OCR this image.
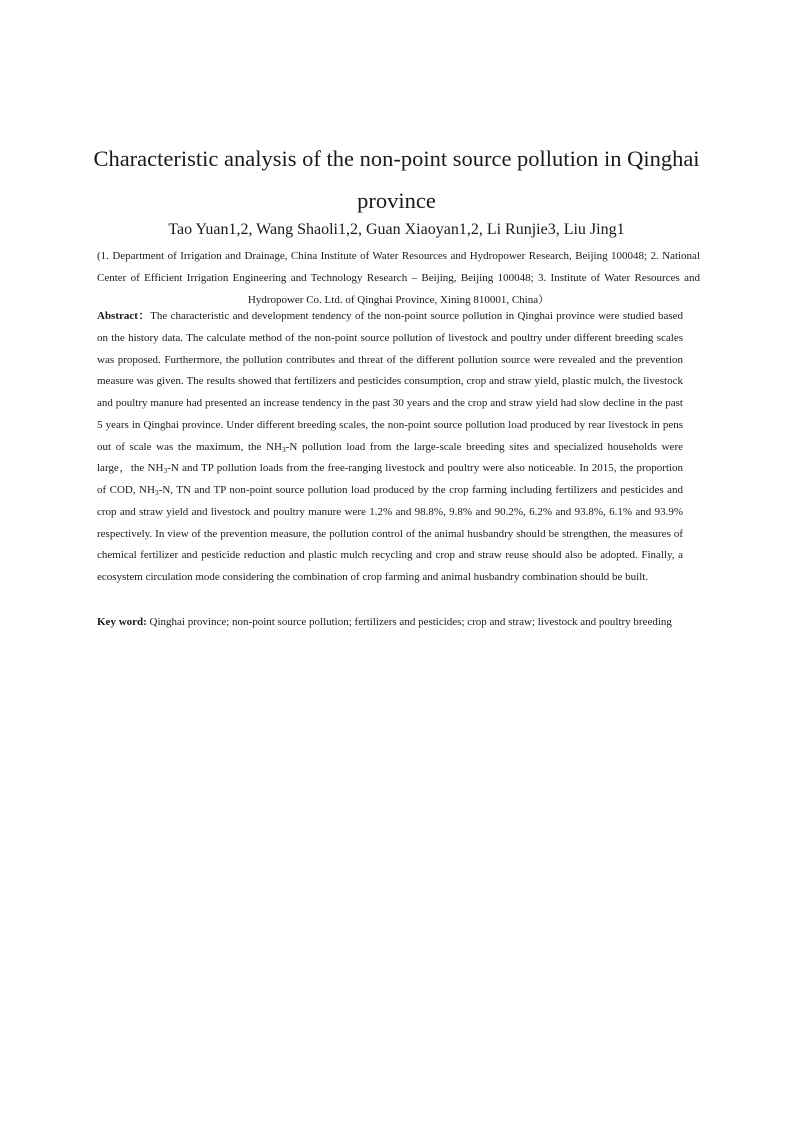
Characteristic analysis of the non-point source pollution in Qinghai province
Tao Yuan1,2, Wang Shaoli1,2, Guan Xiaoyan1,2, Li Runjie3, Liu Jing1
(1. Department of Irrigation and Drainage, China Institute of Water Resources and Hydropower Research, Beijing 100048; 2. National Center of Efficient Irrigation Engineering and Technology Research – Beijing, Beijing 100048; 3. Institute of Water Resources and Hydropower Co. Ltd. of Qinghai Province, Xining 810001, China）
Abstract：The characteristic and development tendency of the non-point source pollution in Qinghai province were studied based on the history data. The calculate method of the non-point source pollution of livestock and poultry under different breeding scales was proposed. Furthermore, the pollution contributes and threat of the different pollution source were revealed and the prevention measure was given. The results showed that fertilizers and pesticides consumption, crop and straw yield, plastic mulch, the livestock and poultry manure had presented an increase tendency in the past 30 years and the crop and straw yield had slow decline in the past 5 years in Qinghai province. Under different breeding scales, the non-point source pollution load produced by rear livestock in pens out of scale was the maximum, the $NH_3-N$ pollution load from the large-scale breeding sites and specialized households were large，the $NH_3-N$ and TP pollution loads from the free-ranging livestock and poultry were also noticeable. In 2015, the proportion of COD, $NH_3-N$, TN and TP non-point source pollution load produced by the crop farming including fertilizers and pesticides and crop and straw yield and livestock and poultry manure were 1.2% and 98.8%, 9.8% and 90.2%, 6.2% and 93.8%, 6.1% and 93.9% respectively. In view of the prevention measure, the pollution control of the animal husbandry should be strengthen, the measures of chemical fertilizer and pesticide reduction and plastic mulch recycling and crop and straw reuse should also be adopted. Finally, a ecosystem circulation mode considering the combination of crop farming and animal husbandry combination should be built.
Key word: Qinghai province; non-point source pollution; fertilizers and pesticides; crop and straw; livestock and poultry breeding
